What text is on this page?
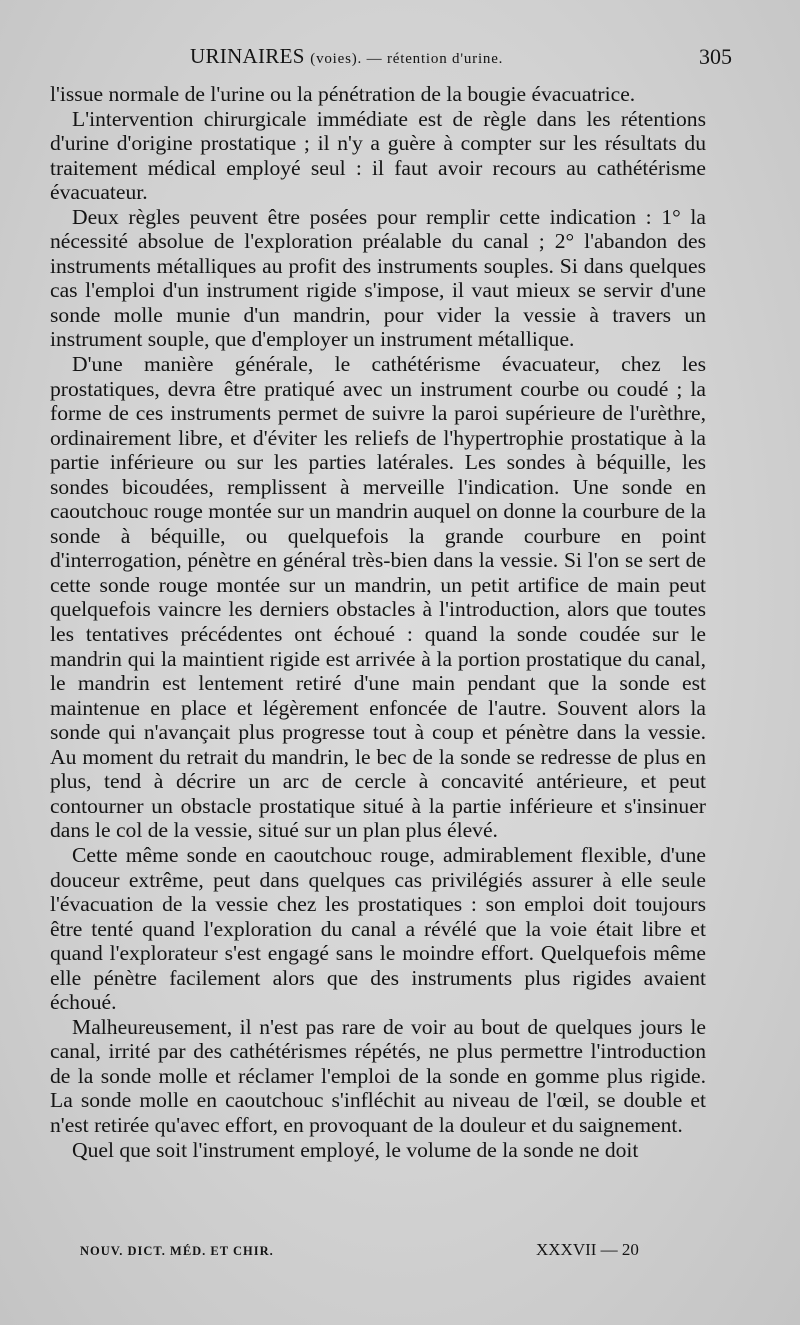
URINAIRES (voies). — rétention d'urine.	305

l'issue normale de l'urine ou la pénétration de la bougie évacuatrice.

L'intervention chirurgicale immédiate est de règle dans les rétentions d'urine d'origine prostatique ; il n'y a guère à compter sur les résultats du traitement médical employé seul : il faut avoir recours au cathétérisme évacuateur.

Deux règles peuvent être posées pour remplir cette indication : 1° la nécessité absolue de l'exploration préalable du canal ; 2° l'abandon des instruments métalliques au profit des instruments souples. Si dans quelques cas l'emploi d'un instrument rigide s'impose, il vaut mieux se servir d'une sonde molle munie d'un mandrin, pour vider la vessie à travers un instrument souple, que d'employer un instrument métallique.

D'une manière générale, le cathétérisme évacuateur, chez les prostatiques, devra être pratiqué avec un instrument courbe ou coudé ; la forme de ces instruments permet de suivre la paroi supérieure de l'urèthre, ordinairement libre, et d'éviter les reliefs de l'hypertrophie prostatique à la partie inférieure ou sur les parties latérales. Les sondes à béquille, les sondes bicoudées, remplissent à merveille l'indication. Une sonde en caoutchouc rouge montée sur un mandrin auquel on donne la courbure de la sonde à béquille, ou quelquefois la grande courbure en point d'interrogation, pénètre en général très-bien dans la vessie. Si l'on se sert de cette sonde rouge montée sur un mandrin, un petit artifice de main peut quelquefois vaincre les derniers obstacles à l'introduction, alors que toutes les tentatives précédentes ont échoué : quand la sonde coudée sur le mandrin qui la maintient rigide est arrivée à la portion prostatique du canal, le mandrin est lentement retiré d'une main pendant que la sonde est maintenue en place et légèrement enfoncée de l'autre. Souvent alors la sonde qui n'avançait plus progresse tout à coup et pénètre dans la vessie. Au moment du retrait du mandrin, le bec de la sonde se redresse de plus en plus, tend à décrire un arc de cercle à concavité antérieure, et peut contourner un obstacle prostatique situé à la partie inférieure et s'insinuer dans le col de la vessie, situé sur un plan plus élevé.

Cette même sonde en caoutchouc rouge, admirablement flexible, d'une douceur extrême, peut dans quelques cas privilégiés assurer à elle seule l'évacuation de la vessie chez les prostatiques : son emploi doit toujours être tenté quand l'exploration du canal a révélé que la voie était libre et quand l'explorateur s'est engagé sans le moindre effort. Quelquefois même elle pénètre facilement alors que des instruments plus rigides avaient échoué.

Malheureusement, il n'est pas rare de voir au bout de quelques jours le canal, irrité par des cathétérismes répétés, ne plus permettre l'introduction de la sonde molle et réclamer l'emploi de la sonde en gomme plus rigide. La sonde molle en caoutchouc s'infléchit au niveau de l'œil, se double et n'est retirée qu'avec effort, en provoquant de la douleur et du saignement.

Quel que soit l'instrument employé, le volume de la sonde ne doit

NOUV. DICT. MÉD. ET CHIR.	XXXVII — 20
